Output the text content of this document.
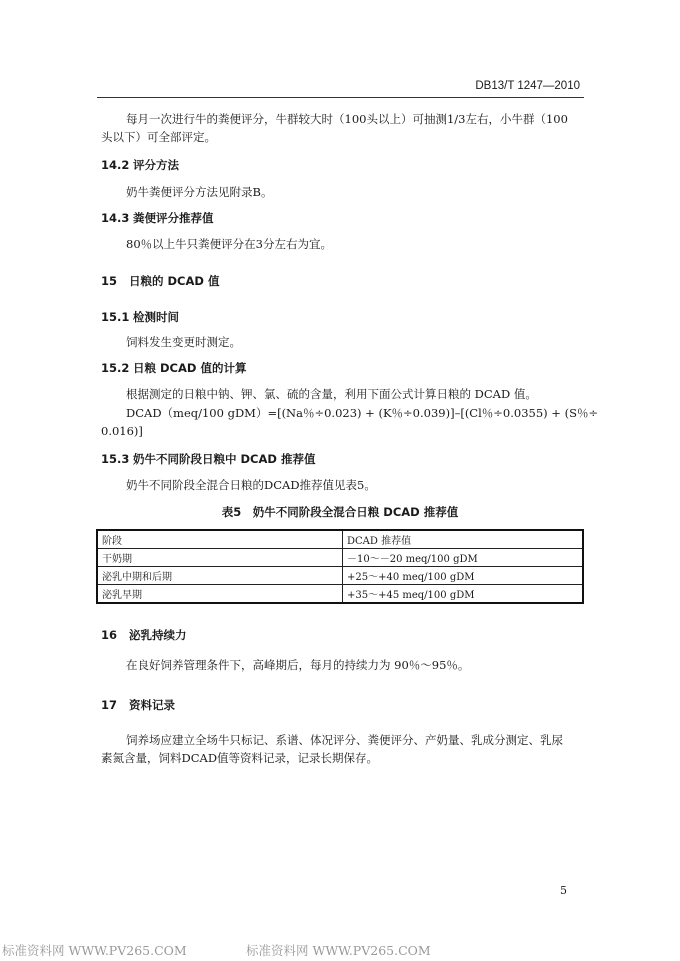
DB13/T 1247—2010
每月一次进行牛的粪便评分，牛群较大时（100头以上）可抽测1/3左右，小牛群（100
头以下）可全部评定。
14.2 评分方法
奶牛粪便评分方法见附录B。
14.3 粪便评分推荐值
80％以上牛只粪便评分在3分左右为宜。
15 日粮的 DCAD 值
15.1 检测时间
饲料发生变更时测定。
15.2 日粮 DCAD 值的计算
根据测定的日粮中钠、钾、氯、硫的含量，利用下面公式计算日粮的 DCAD 值。
DCAD（meq/100 gDM）=[(Na％÷0.023) + (K％÷0.039)]–[(Cl％÷0.0355) + (S％÷
0.016)]
15.3 奶牛不同阶段日粮中 DCAD 推荐值
奶牛不同阶段全混合日粮的DCAD推荐值见表5。
表5　奶牛不同阶段全混合日粮 DCAD 推荐值
阶段	DCAD 推荐值
干奶期	－10～－20 meq/100 gDM
泌乳中期和后期	+25～+40 meq/100 gDM
泌乳早期	+35～+45 meq/100 gDM
16 泌乳持续力
在良好饲养管理条件下，高峰期后，每月的持续力为 90％～95％。
17 资料记录
饲养场应建立全场牛只标记、系谱、体况评分、粪便评分、产奶量、乳成分测定、乳尿
素氮含量，饲料DCAD值等资料记录，记录长期保存。
5
标准资料网 WWW.PV265.COM	标准资料网 WWW.PV265.COM
